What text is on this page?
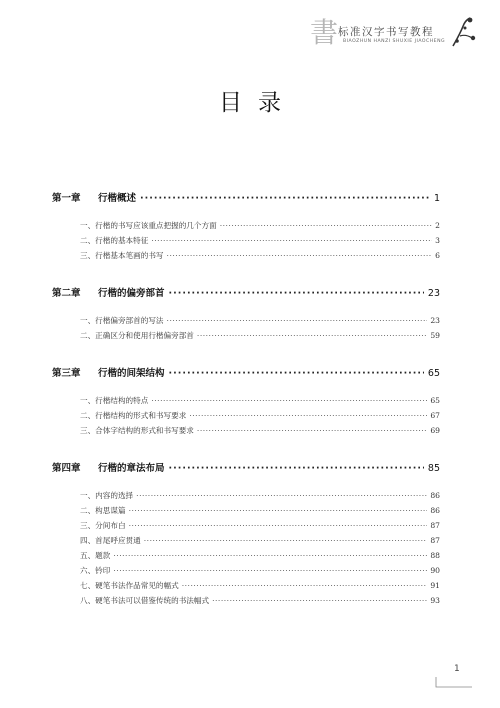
書 标准汉字书写教程
BIAOZHUN HANZI SHUXIE JIAOCHENG
目录
第一章	行楷概述 ·····	1
一、行楷的书写应该重点把握的几个方面 ·····	2
二、行楷的基本特征 ·····	3
三、行楷基本笔画的书写 ·····	6
第二章	行楷的偏旁部首 ·····	23
一、行楷偏旁部首的写法 ·····	23
二、正确区分和使用行楷偏旁部首 ·····	59
第三章	行楷的间架结构 ·····	65
一、行楷结构的特点 ·····	65
二、行楷结构的形式和书写要求 ·····	67
三、合体字结构的形式和书写要求 ·····	69
第四章	行楷的章法布局 ·····	85
一、内容的选择 ·····	86
二、构思谋篇 ·····	86
三、分间布白 ·····	87
四、首尾呼应贯通 ·····	87
五、题款 ·····	88
六、钤印 ·····	90
七、硬笔书法作品常见的幅式 ·····	91
八、硬笔书法可以借鉴传统的书法幅式 ·····	93
1
